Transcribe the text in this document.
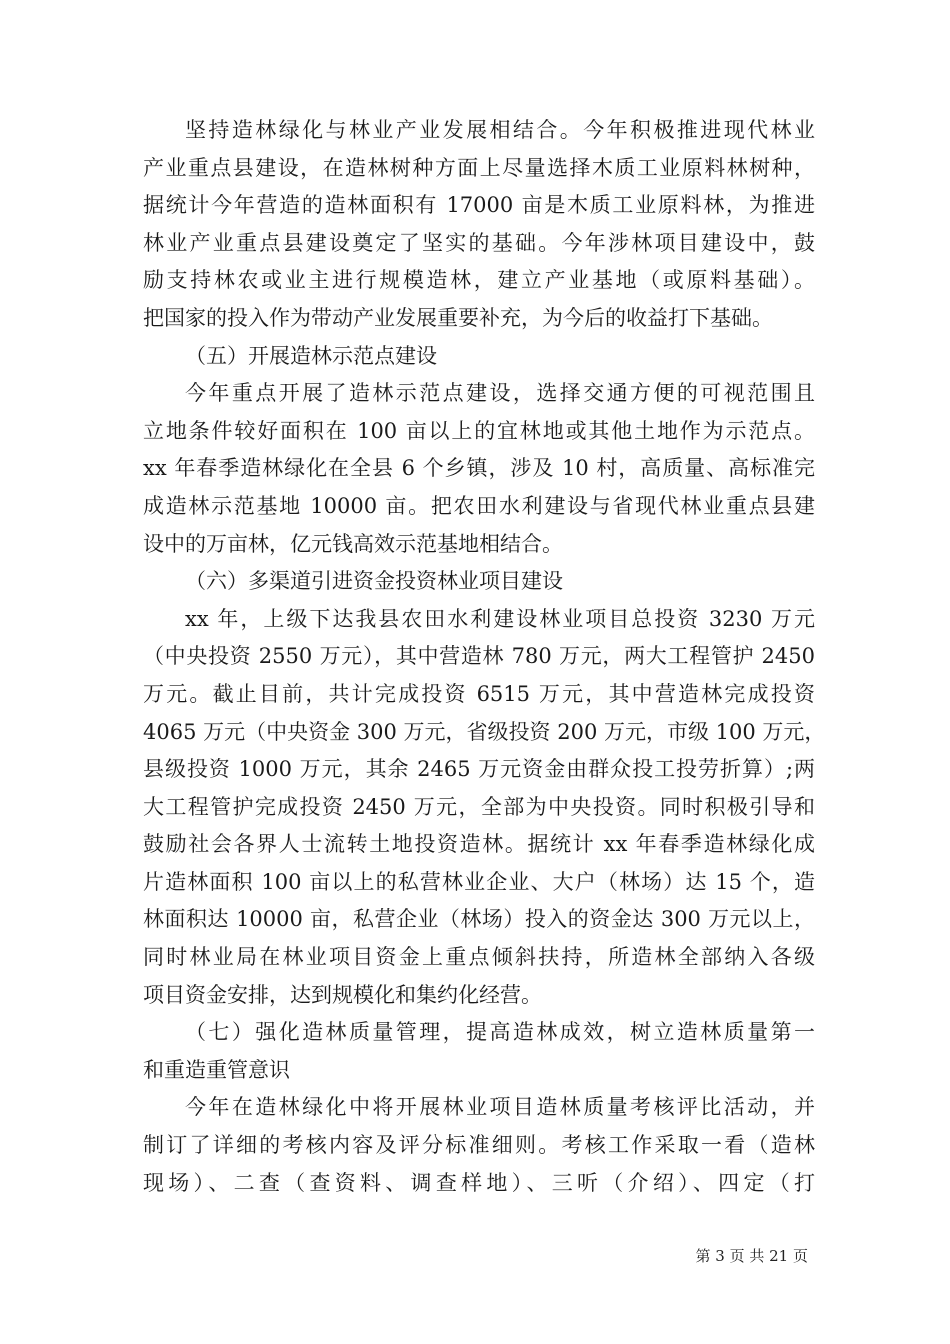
坚持造林绿化与林业产业发展相结合。今年积极推进现代林业
产业重点县建设，在造林树种方面上尽量选择木质工业原料林树种，
据统计今年营造的造林面积有 17000 亩是木质工业原料林，为推进
林业产业重点县建设奠定了坚实的基础。今年涉林项目建设中，鼓
励支持林农或业主进行规模造林，建立产业基地（或原料基础）。
把国家的投入作为带动产业发展重要补充，为今后的收益打下基础。
（五）开展造林示范点建设
今年重点开展了造林示范点建设，选择交通方便的可视范围且
立地条件较好面积在 100 亩以上的宜林地或其他土地作为示范点。
xx 年春季造林绿化在全县 6 个乡镇，涉及 10 村，高质量、高标准完
成造林示范基地 10000 亩。把农田水利建设与省现代林业重点县建
设中的万亩林，亿元钱高效示范基地相结合。
（六）多渠道引进资金投资林业项目建设
xx 年，上级下达我县农田水利建设林业项目总投资 3230 万元
（中央投资 2550 万元），其中营造林 780 万元，两大工程管护 2450
万元。截止目前，共计完成投资 6515 万元，其中营造林完成投资
4065 万元（中央资金 300 万元，省级投资 200 万元，市级 100 万元，
县级投资 1000 万元，其余 2465 万元资金由群众投工投劳折算）;两
大工程管护完成投资 2450 万元，全部为中央投资。同时积极引导和
鼓励社会各界人士流转土地投资造林。据统计 xx 年春季造林绿化成
片造林面积 100 亩以上的私营林业企业、大户（林场）达 15 个，造
林面积达 10000 亩，私营企业（林场）投入的资金达 300 万元以上，
同时林业局在林业项目资金上重点倾斜扶持，所造林全部纳入各级
项目资金安排，达到规模化和集约化经营。
（七）强化造林质量管理，提高造林成效，树立造林质量第一
和重造重管意识
今年在造林绿化中将开展林业项目造林质量考核评比活动，并
制订了详细的考核内容及评分标准细则。考核工作采取一看（造林
现场）、二查（查资料、调查样地）、三听（介绍）、四定（打
第 3 页 共 21 页
